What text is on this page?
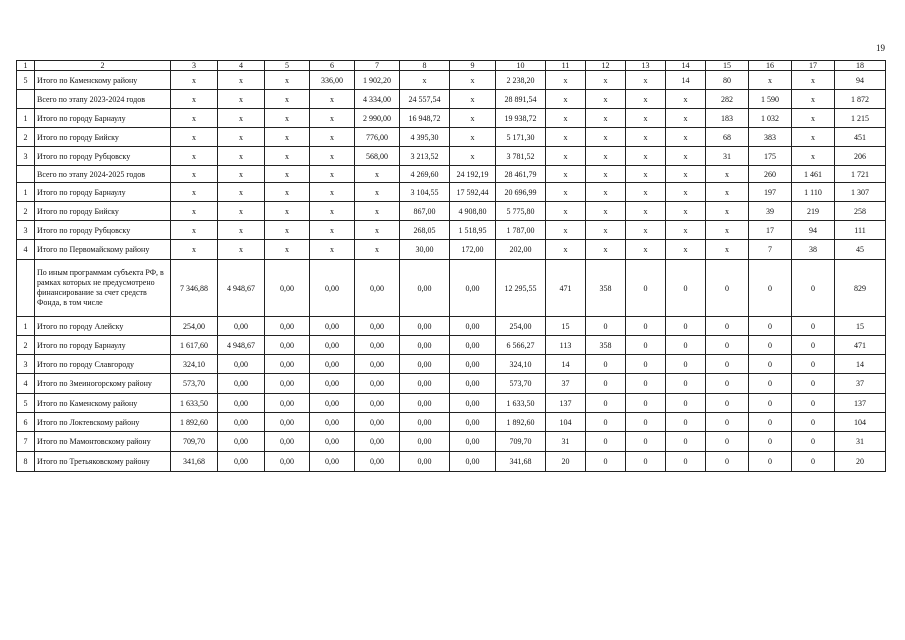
19
1	2	3	4	5	6	7	8	9	10	11	12	13	14	15	16	17	18
5	Итого по Каменскому району	х	х	х	336,00	1 902,20	х	х	2 238,20	х	х	х	14	80	х	х	94
	Всего по этапу 2023-2024 годов	х	х	х	х	4 334,00	24 557,54	х	28 891,54	х	х	х	х	282	1 590	х	1 872
1	Итого по городу Барнаулу	х	х	х	х	2 990,00	16 948,72	х	19 938,72	х	х	х	х	183	1 032	х	1 215
2	Итого по городу Бийску	х	х	х	х	776,00	4 395,30	х	5 171,30	х	х	х	х	68	383	х	451
3	Итого по городу Рубцовску	х	х	х	х	568,00	3 213,52	х	3 781,52	х	х	х	х	31	175	х	206
	Всего по этапу 2024-2025 годов	х	х	х	х	х	4 269,60	24 192,19	28 461,79	х	х	х	х	х	260	1 461	1 721
1	Итого по городу Барнаулу	х	х	х	х	х	3 104,55	17 592,44	20 696,99	х	х	х	х	х	197	1 110	1 307
2	Итого по городу Бийску	х	х	х	х	х	867,00	4 908,80	5 775,80	х	х	х	х	х	39	219	258
3	Итого по городу Рубцовску	х	х	х	х	х	268,05	1 518,95	1 787,00	х	х	х	х	х	17	94	111
4	Итого по Первомайскому району	х	х	х	х	х	30,00	172,00	202,00	х	х	х	х	х	7	38	45
	По иным программам субъекта РФ, в рамках которых не предусмотрено финансирование за счет средств Фонда, в том числе	7 346,88	4 948,67	0,00	0,00	0,00	0,00	0,00	12 295,55	471	358	0	0	0	0	0	829
1	Итого по городу Алейску	254,00	0,00	0,00	0,00	0,00	0,00	0,00	254,00	15	0	0	0	0	0	0	15
2	Итого по городу Барнаулу	1 617,60	4 948,67	0,00	0,00	0,00	0,00	0,00	6 566,27	113	358	0	0	0	0	0	471
3	Итого по городу Славгороду	324,10	0,00	0,00	0,00	0,00	0,00	0,00	324,10	14	0	0	0	0	0	0	14
4	Итого по Змеиногорскому району	573,70	0,00	0,00	0,00	0,00	0,00	0,00	573,70	37	0	0	0	0	0	0	37
5	Итого по Каменскому району	1 633,50	0,00	0,00	0,00	0,00	0,00	0,00	1 633,50	137	0	0	0	0	0	0	137
6	Итого по Локтевскому району	1 892,60	0,00	0,00	0,00	0,00	0,00	0,00	1 892,60	104	0	0	0	0	0	0	104
7	Итого по Мамонтовскому району	709,70	0,00	0,00	0,00	0,00	0,00	0,00	709,70	31	0	0	0	0	0	0	31
8	Итого по Третьяковскому району	341,68	0,00	0,00	0,00	0,00	0,00	0,00	341,68	20	0	0	0	0	0	0	20
